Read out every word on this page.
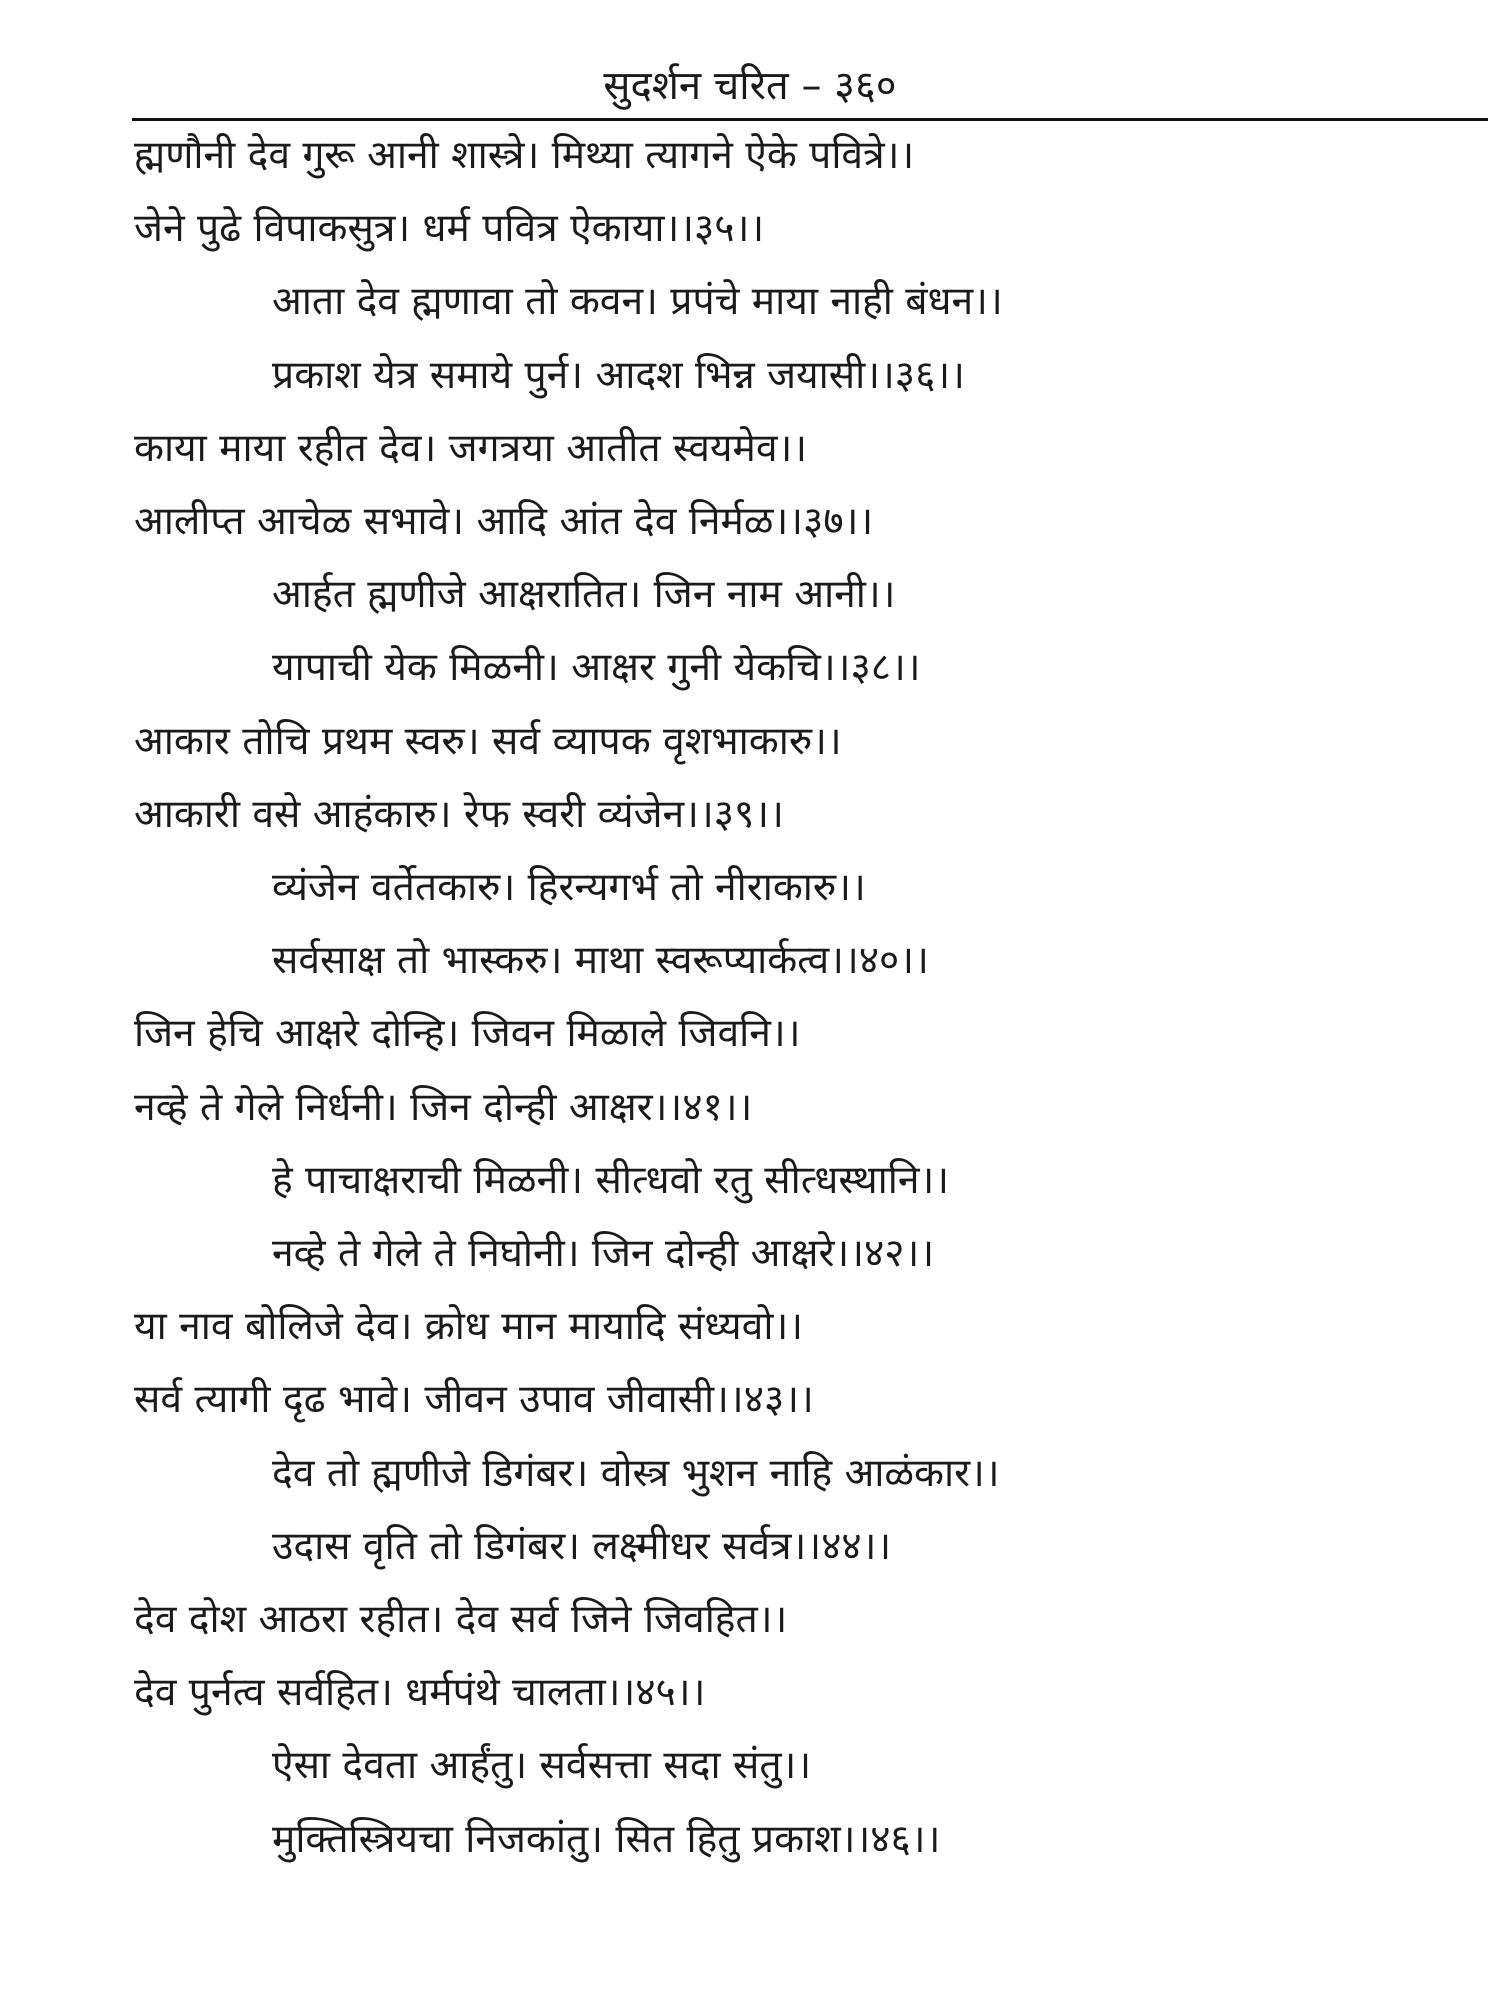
सुदर्शन चरित – ३६०
ह्मणौनी देव गुरू आनी शास्त्रे। मिथ्या त्यागने ऐके पवित्रे।।
जेने पुढे विपाकसुत्र। धर्म पवित्र ऐकाया।।३५।।
आता देव ह्मणावा तो कवन। प्रपंचे माया नाही बंधन।।
प्रकाश येत्र समाये पुर्न। आदश भिन्न जयासी।।३६।।
काया माया रहीत देव। जगत्रया आतीत स्वयमेव।।
आलीप्त आचेळ सभावे। आदि आंत देव निर्मळ।।३७।।
आर्हत ह्मणीजे आक्षरातित। जिन नाम आनी।।
यापाची येक मिळनी। आक्षर गुनी येकचि।।३८।।
आकार तोचि प्रथम स्वरु। सर्व व्यापक वृशभाकारु।।
आकारी वसे आहंकारु। रेफ स्वरी व्यंजेन।।३९।।
व्यंजेन वर्तेतकारु। हिरन्यगर्भ तो नीराकारु।।
सर्वसाक्ष तो भास्करु। माथा स्वरूप्यार्कत्व।।४०।।
जिन हेचि आक्षरे दोन्हि। जिवन मिळाले जिवनि।।
नव्हे ते गेले निर्धनी। जिन दोन्ही आक्षर।।४१।।
हे पाचाक्षराची मिळनी। सीत्धवो रतु सीत्धस्थानि।।
नव्हे ते गेले ते निघोनी। जिन दोन्ही आक्षरे।।४२।।
या नाव बोलिजे देव। क्रोध मान मायादि संध्यवो।।
सर्व त्यागी दृढ भावे। जीवन उपाव जीवासी।।४३।।
देव तो ह्मणीजे डिगंबर। वोस्त्र भुशन नाहि आळंकार।।
उदास वृति तो डिगंबर। लक्ष्मीधर सर्वत्र।।४४।।
देव दोश आठरा रहीत। देव सर्व जिने जिवहित।।
देव पुर्नत्व सर्वहित। धर्मपंथे चालता।।४५।।
ऐसा देवता आर्हंतु। सर्वसत्ता सदा संतु।।
मुक्तिस्त्रियचा निजकांतु। सित हितु प्रकाश।।४६।।
